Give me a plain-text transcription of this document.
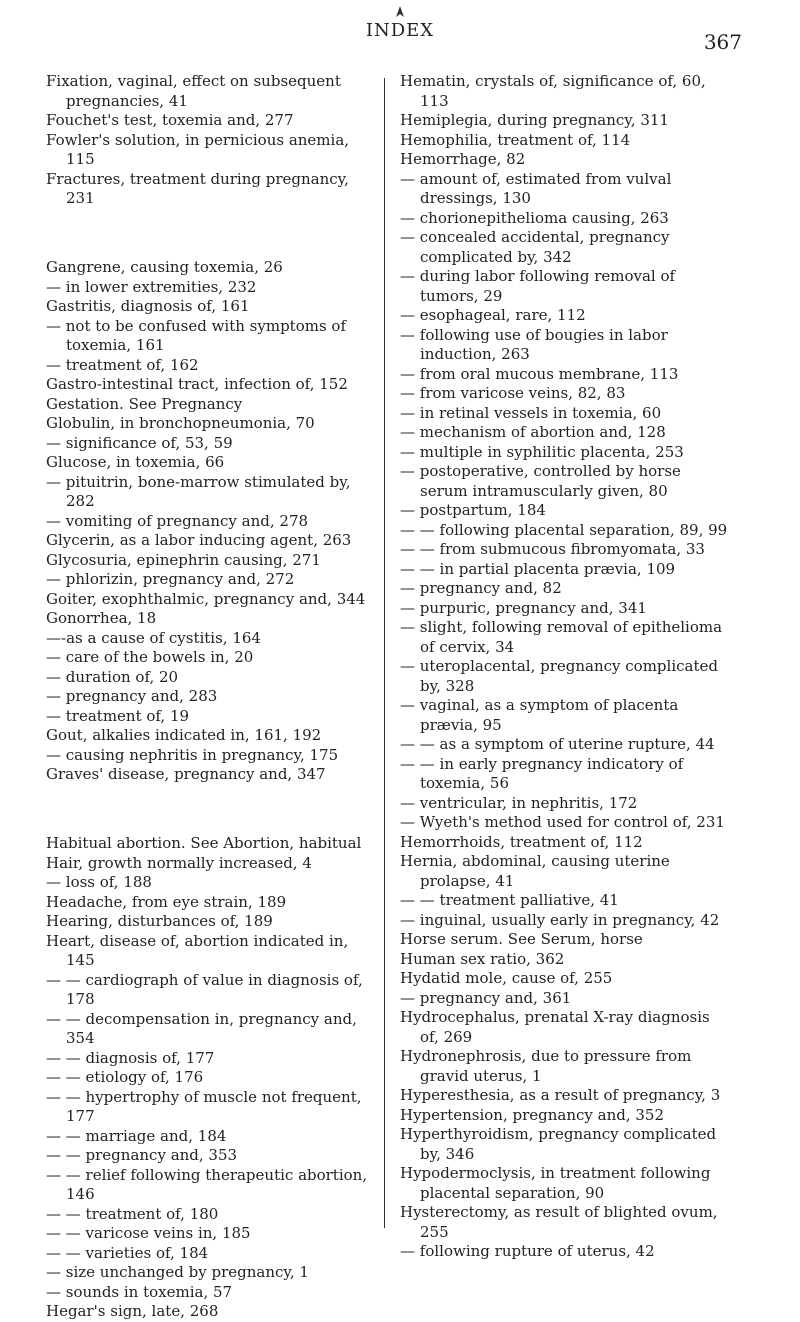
INDEX	367

Fixation, vaginal, effect on subsequent pregnancies, 41

Fouchet's test, toxemia and, 277

Fowler's solution, in pernicious anemia, 115

Fractures, treatment during pregnancy, 231

Gangrene, causing toxemia, 26

— in lower extremities, 232

Gastritis, diagnosis of, 161

— not to be confused with symptoms of toxemia, 161

— treatment of, 162

Gastro-intestinal tract, infection of, 152

Gestation. See Pregnancy

Globulin, in bronchopneumonia, 70

— significance of, 53, 59

Glucose, in toxemia, 66

— pituitrin, bone-marrow stimulated by, 282

— vomiting of pregnancy and, 278

Glycerin, as a labor inducing agent, 263

Glycosuria, epinephrin causing, 271

— phlorizin, pregnancy and, 272

Goiter, exophthalmic, pregnancy and, 344

Gonorrhea, 18

—-as a cause of cystitis, 164

— care of the bowels in, 20

— duration of, 20

— pregnancy and, 283

— treatment of, 19

Gout, alkalies indicated in, 161, 192

— causing nephritis in pregnancy, 175

Graves' disease, pregnancy and, 347

Habitual abortion. See Abortion, habitual

Hair, growth normally increased, 4

— loss of, 188

Headache, from eye strain, 189

Hearing, disturbances of, 189

Heart, disease of, abortion indicated in, 145

— — cardiograph of value in diagnosis of, 178

— — decompensation in, pregnancy and, 354

— — diagnosis of, 177

— — etiology of, 176

— — hypertrophy of muscle not frequent, 177

— — marriage and, 184

— — pregnancy and, 353

— — relief following therapeutic abortion, 146

— — treatment of, 180

— — varicose veins in, 185

— — varieties of, 184

— size unchanged by pregnancy, 1

— sounds in toxemia, 57

Hegar's sign, late, 268

Hematin, crystals of, significance of, 60, 113

Hemiplegia, during pregnancy, 311

Hemophilia, treatment of, 114

Hemorrhage, 82

— amount of, estimated from vulval dressings, 130

— chorionepithelioma causing, 263

— concealed accidental, pregnancy complicated by, 342

— during labor following removal of tumors, 29

— esophageal, rare, 112

— following use of bougies in labor induction, 263

— from oral mucous membrane, 113

— from varicose veins, 82, 83

— in retinal vessels in toxemia, 60

— mechanism of abortion and, 128

— multiple in syphilitic placenta, 253

— postoperative, controlled by horse serum intramuscularly given, 80

— postpartum, 184

— — following placental separation, 89, 99

— — from submucous fibromyomata, 33

— — in partial placenta prævia, 109

— pregnancy and, 82

— purpuric, pregnancy and, 341

— slight, following removal of epithelioma of cervix, 34

— uteroplacental, pregnancy complicated by, 328

— vaginal, as a symptom of placenta prævia, 95

— — as a symptom of uterine rupture, 44

— — in early pregnancy indicatory of toxemia, 56

— ventricular, in nephritis, 172

— Wyeth's method used for control of, 231

Hemorrhoids, treatment of, 112

Hernia, abdominal, causing uterine prolapse, 41

— — treatment palliative, 41

— inguinal, usually early in pregnancy, 42

Horse serum. See Serum, horse

Human sex ratio, 362

Hydatid mole, cause of, 255

— pregnancy and, 361

Hydrocephalus, prenatal X-ray diagnosis of, 269

Hydronephrosis, due to pressure from gravid uterus, 1

Hyperesthesia, as a result of pregnancy, 3

Hypertension, pregnancy and, 352

Hyperthyroidism, pregnancy complicated by, 346

Hypodermoclysis, in treatment following placental separation, 90

Hysterectomy, as result of blighted ovum, 255

— following rupture of uterus, 42
